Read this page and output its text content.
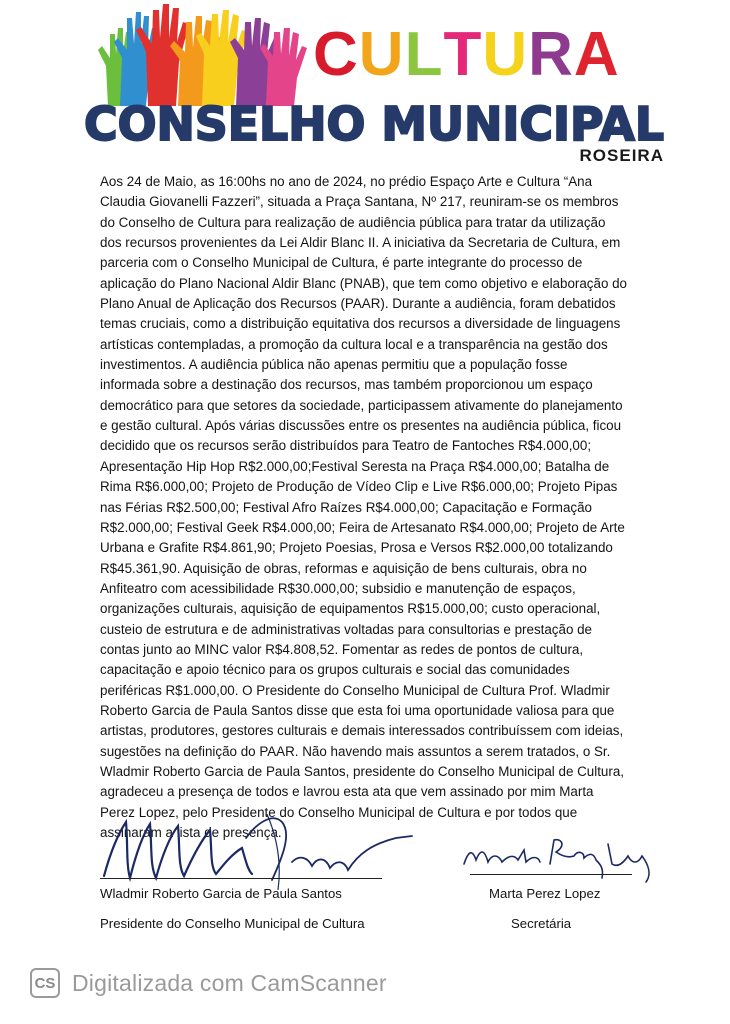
CULTURA
CONSELHO MUNICIPAL
ROSEIRA

Aos 24 de Maio, as 16:00hs no ano de 2024, no prédio Espaço Arte e Cultura “Ana Claudia Giovanelli Fazzeri”, situada a Praça Santana, Nº 217, reuniram-se os membros do Conselho de Cultura para realização de audiência pública para tratar da utilização dos recursos provenientes da Lei Aldir Blanc II. A iniciativa da Secretaria de Cultura, em parceria com o Conselho Municipal de Cultura, é parte integrante do processo de aplicação do Plano Nacional Aldir Blanc (PNAB), que tem como objetivo e elaboração do Plano Anual de Aplicação dos Recursos (PAAR). Durante a audiência, foram debatidos temas cruciais, como a distribuição equitativa dos recursos a diversidade de linguagens artísticas contempladas, a promoção da cultura local e a transparência na gestão dos investimentos. A audiência pública não apenas permitiu que a população fosse informada sobre a destinação dos recursos, mas também proporcionou um espaço democrático para que setores da sociedade, participassem ativamente do planejamento e gestão cultural. Após várias discussões entre os presentes na audiência pública, ficou decidido que os recursos serão distribuídos para Teatro de Fantoches R$4.000,00; Apresentação Hip Hop R$2.000,00;Festival Seresta na Praça R$4.000,00; Batalha de Rima R$6.000,00; Projeto de Produção de Vídeo Clip e Live R$6.000,00; Projeto Pipas nas Férias R$2.500,00; Festival Afro Raízes R$4.000,00; Capacitação e Formação R$2.000,00; Festival Geek R$4.000,00; Feira de Artesanato R$4.000,00; Projeto de Arte Urbana e Grafite R$4.861,90; Projeto Poesias, Prosa e Versos R$2.000,00 totalizando R$45.361,90. Aquisição de obras, reformas e aquisição de bens culturais, obra no Anfiteatro com acessibilidade R$30.000,00; subsidio e manutenção de espaços, organizações culturais, aquisição de equipamentos R$15.000,00; custo operacional, custeio de estrutura e de administrativas voltadas para consultorias e prestação de contas junto ao MINC valor R$4.808,52. Fomentar as redes de pontos de cultura, capacitação e apoio técnico para os grupos culturais e social das comunidades periféricas R$1.000,00. O Presidente do Conselho Municipal de Cultura Prof. Wladmir Roberto Garcia de Paula Santos disse que esta foi uma oportunidade valiosa para que artistas, produtores, gestores culturais e demais interessados contribuíssem com ideias, sugestões na definição do PAAR. Não havendo mais assuntos a serem tratados, o Sr. Wladmir Roberto Garcia de Paula Santos, presidente do Conselho Municipal de Cultura, agradeceu a presença de todos e lavrou esta ata que vem assinado por mim Marta Perez Lopez, pelo Presidente do Conselho Municipal de Cultura e por todos que assinaram a lista de presença.

Wladmir Roberto Garcia de Paula Santos
Presidente do Conselho Municipal de Cultura
Marta Perez Lopez
Secretária
CS Digitalizada com CamScanner
